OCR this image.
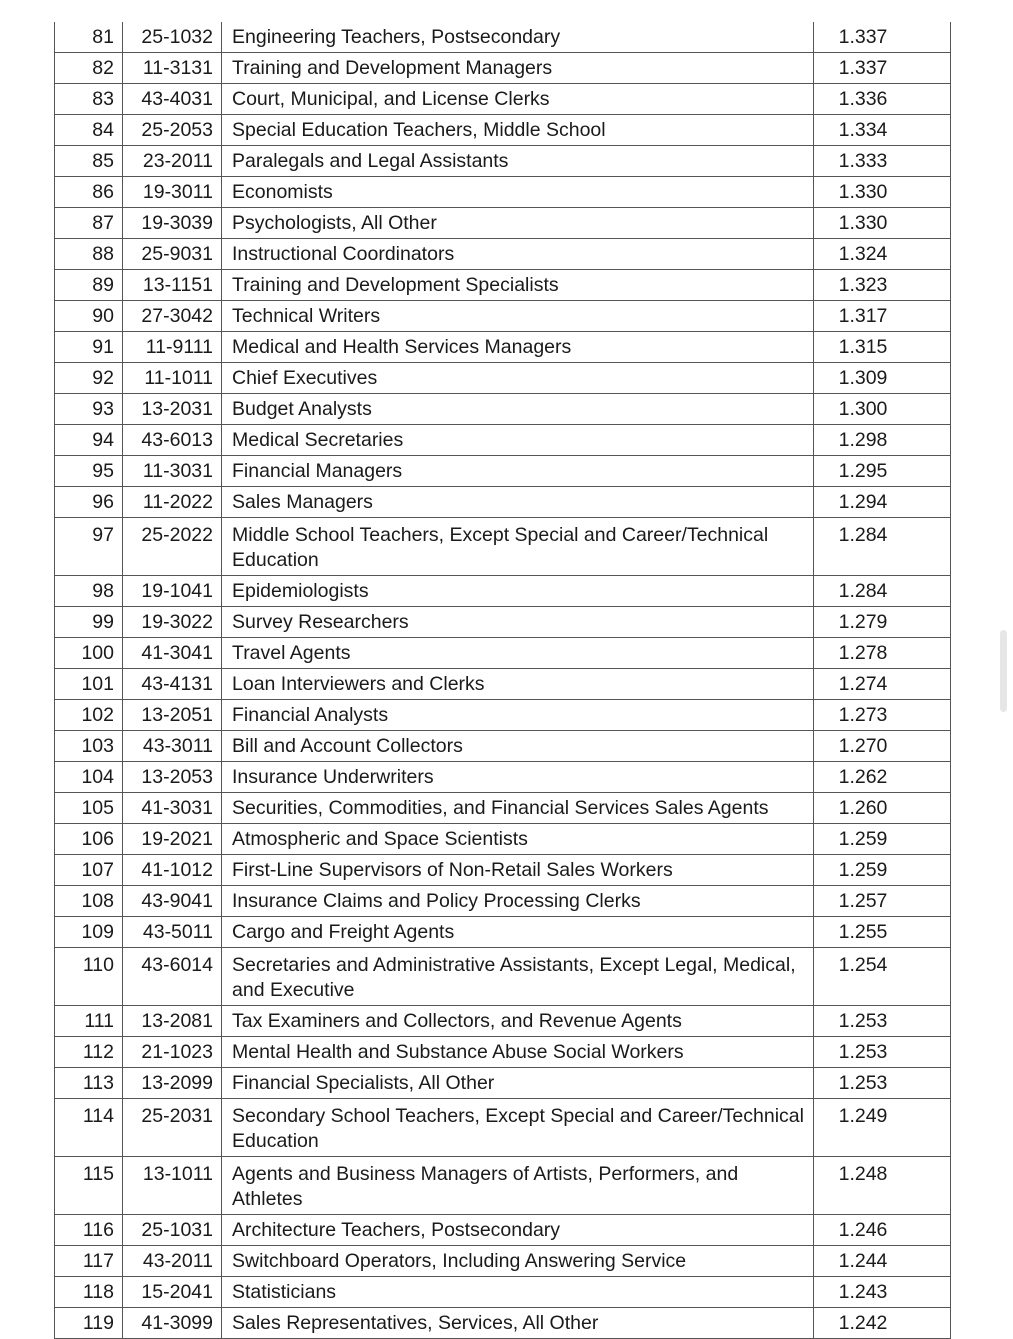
81	25-1032	Engineering Teachers, Postsecondary	1.337
82	11-3131	Training and Development Managers	1.337
83	43-4031	Court, Municipal, and License Clerks	1.336
84	25-2053	Special Education Teachers, Middle School	1.334
85	23-2011	Paralegals and Legal Assistants	1.333
86	19-3011	Economists	1.330
87	19-3039	Psychologists, All Other	1.330
88	25-9031	Instructional Coordinators	1.324
89	13-1151	Training and Development Specialists	1.323
90	27-3042	Technical Writers	1.317
91	11-9111	Medical and Health Services Managers	1.315
92	11-1011	Chief Executives	1.309
93	13-2031	Budget Analysts	1.300
94	43-6013	Medical Secretaries	1.298
95	11-3031	Financial Managers	1.295
96	11-2022	Sales Managers	1.294
97	25-2022	Middle School Teachers, Except Special and Career/Technical Education	1.284
98	19-1041	Epidemiologists	1.284
99	19-3022	Survey Researchers	1.279
100	41-3041	Travel Agents	1.278
101	43-4131	Loan Interviewers and Clerks	1.274
102	13-2051	Financial Analysts	1.273
103	43-3011	Bill and Account Collectors	1.270
104	13-2053	Insurance Underwriters	1.262
105	41-3031	Securities, Commodities, and Financial Services Sales Agents	1.260
106	19-2021	Atmospheric and Space Scientists	1.259
107	41-1012	First-Line Supervisors of Non-Retail Sales Workers	1.259
108	43-9041	Insurance Claims and Policy Processing Clerks	1.257
109	43-5011	Cargo and Freight Agents	1.255
110	43-6014	Secretaries and Administrative Assistants, Except Legal, Medical, and Executive	1.254
111	13-2081	Tax Examiners and Collectors, and Revenue Agents	1.253
112	21-1023	Mental Health and Substance Abuse Social Workers	1.253
113	13-2099	Financial Specialists, All Other	1.253
114	25-2031	Secondary School Teachers, Except Special and Career/Technical Education	1.249
115	13-1011	Agents and Business Managers of Artists, Performers, and Athletes	1.248
116	25-1031	Architecture Teachers, Postsecondary	1.246
117	43-2011	Switchboard Operators, Including Answering Service	1.244
118	15-2041	Statisticians	1.243
119	41-3099	Sales Representatives, Services, All Other	1.242
